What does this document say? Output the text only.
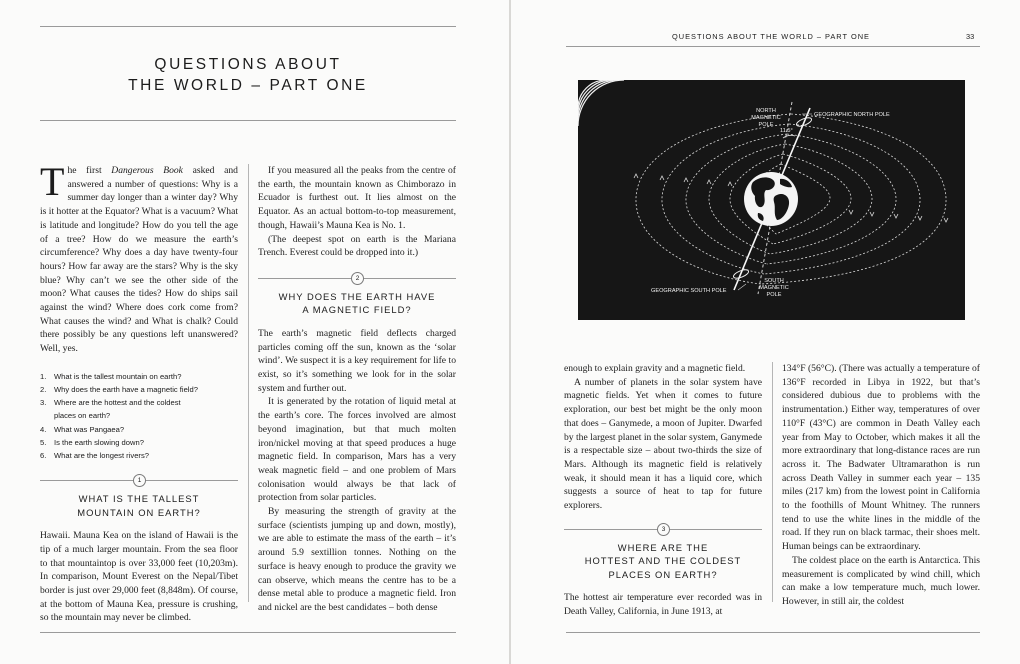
QUESTIONS ABOUT
THE WORLD – PART ONE

The first Dangerous Book asked and answered a number of questions: Why is a summer day longer than a winter day? Why is it hotter at the Equator? What is a vacuum? What is latitude and longitude? How do you tell the age of a tree? How do we measure the earth’s circumference? Why does a day have twenty-four hours? How far away are the stars? Why is the sky blue? Why can’t we see the other side of the moon? What causes the tides? How do ships sail against the wind? Where does cork come from? What causes the wind? and What is chalk? Could there possibly be any questions left unanswered? Well, yes.

1.	What is the tallest mountain on earth?
2.	Why does the earth have a magnetic field?
3.	Where are the hottest and the coldest
places on earth?
4.	What was Pangaea?
5.	Is the earth slowing down?
6.	What are the longest rivers?
1
WHAT IS THE TALLEST
MOUNTAIN ON EARTH?

Hawaii. Mauna Kea on the island of Hawaii is the tip of a much larger mountain. From the sea floor to that mountaintop is over 33,000 feet (10,203m). In comparison, Mount Everest on the Nepal/Tibet border is just over 29,000 feet (8,848m). Of course, at the bottom of Mauna Kea, pressure is crushing, so the mountain may never be climbed.

If you measured all the peaks from the centre of the earth, the mountain known as Chimborazo in Ecuador is furthest out. It lies almost on the Equator. As an actual bottom-to-top measurement, though, Hawaii’s Mauna Kea is No. 1.

(The deepest spot on earth is the Mariana Trench. Everest could be dropped into it.)

2
WHY DOES THE EARTH HAVE
A MAGNETIC FIELD?

The earth’s magnetic field deflects charged particles coming off the sun, known as the ‘solar wind’. We suspect it is a key requirement for life to exist, so it’s something we look for in the solar system and further out.

It is generated by the rotation of liquid metal at the earth’s core. The forces involved are almost beyond imagination, but that much molten iron/nickel moving at that speed produces a huge magnetic field. In comparison, Mars has a very weak magnetic field – and one problem of Mars colonisation would always be that lack of protection from solar particles.

By measuring the strength of gravity at the surface (scientists jumping up and down, mostly), we are able to estimate the mass of the earth – it’s around 5.9 sextillion tonnes. Nothing on the surface is heavy enough to produce the gravity we can observe, which means the centre has to be a dense metal able to produce a magnetic field. Iron and nickel are the best candidates – both dense

QUESTIONS ABOUT THE WORLD – PART ONE	33
11.5°
NORTH
MAGNETIC
POLE
GEOGRAPHIC NORTH POLE
GEOGRAPHIC SOUTH POLE
SOUTH
MAGNETIC
POLE

enough to explain gravity and a magnetic field.

A number of planets in the solar system have magnetic fields. Yet when it comes to future exploration, our best bet might be the only moon that does – Ganymede, a moon of Jupiter. Dwarfed by the largest planet in the solar system, Ganymede is a respectable size – about two-thirds the size of Mars. Although its magnetic field is relatively weak, it should mean it has a liquid core, which suggests a source of heat to tap for future explorers.

3
WHERE ARE THE
HOTTEST AND THE COLDEST
PLACES ON EARTH?

The hottest air temperature ever recorded was in Death Valley, California, in June 1913, at

134°F (56°C). (There was actually a temperature of 136°F recorded in Libya in 1922, but that’s considered dubious due to problems with the instrumentation.) Either way, temperatures of over 110°F (43°C) are common in Death Valley each year from May to October, which makes it all the more extraordinary that long-distance races are run across it. The Badwater Ultramarathon is run across Death Valley in summer each year – 135 miles (217 km) from the lowest point in California to the foothills of Mount Whitney. The runners tend to use the white lines in the middle of the road. If they run on black tarmac, their shoes melt. Human beings can be extraordinary.

The coldest place on the earth is Antarctica. This measurement is complicated by wind chill, which can make a low temperature much, much lower. However, in still air, the coldest
